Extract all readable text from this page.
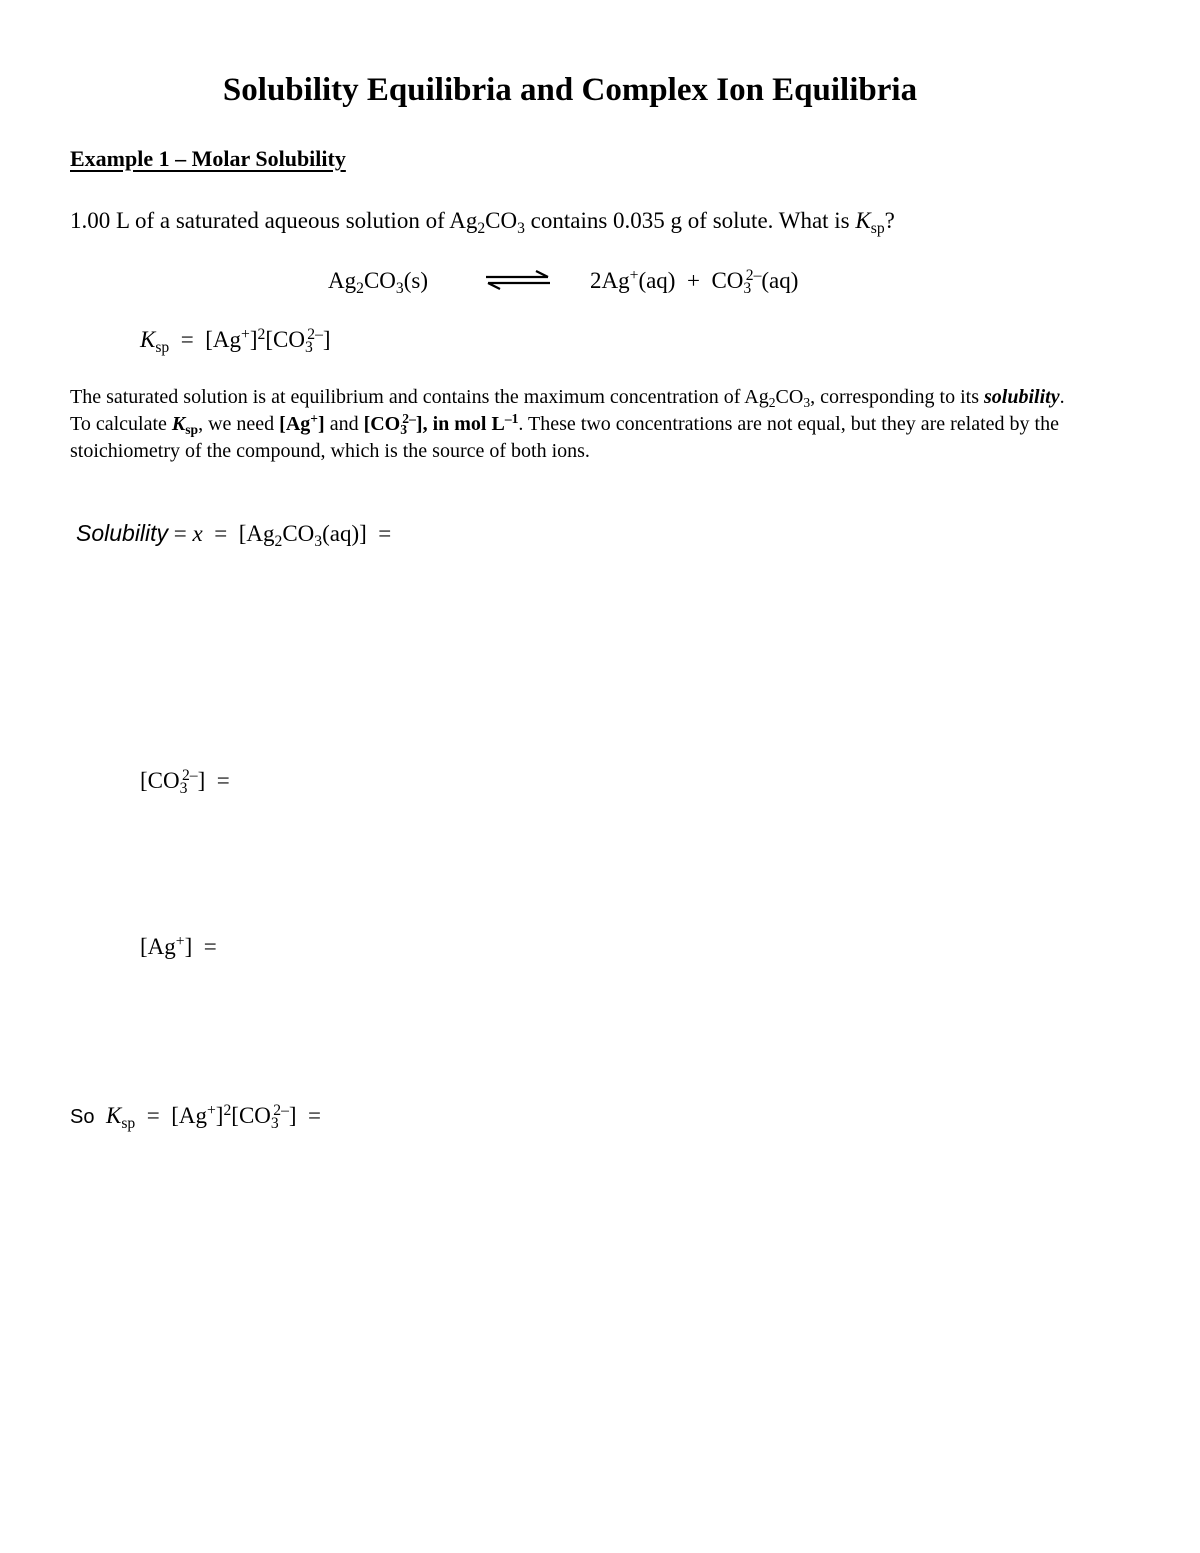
Solubility Equilibria and Complex Ion Equilibria
Example 1 – Molar Solubility
1.00 L of a saturated aqueous solution of $Ag_2CO_3$ contains 0.035 g of solute. What is $K_{sp}$?
$Ag_2CO_3(s)$	$2Ag^+(aq) + CO_3^{2-}(aq)$
$K_{sp} = [Ag^+]^2[CO_3^{2-}]$

The saturated solution is at equilibrium and contains the maximum concentration of $Ag_2CO_3$, corresponding to its solubility.

To calculate $K_{sp}$, we need [Ag+] and $[CO_3^{2-}]$, in mol $L^{-1}$. These two concentrations are not equal, but they are related by the stoichiometry of the compound, which is the source of both ions.

Solubility = $x = [Ag_2CO_3(aq)]$ =
$[CO_3^{2-}]$ =
[Ag+] =
So $K_{sp} = [Ag^+]^2[CO_3^{2-}]$ =
